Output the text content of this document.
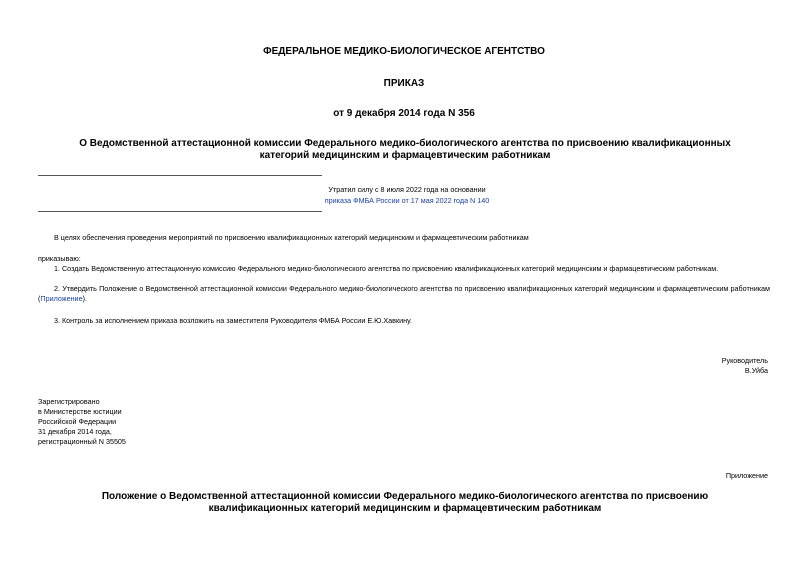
ФЕДЕРАЛЬНОЕ МЕДИКО-БИОЛОГИЧЕСКОЕ АГЕНТСТВО
ПРИКАЗ
от 9 декабря 2014 года N 356
О Ведомственной аттестационной комиссии Федерального медико-биологического агентства по присвоению квалификационных категорий медицинским и фармацевтическим работникам
Утратил силу с 8 июля 2022 года на основании
приказа ФМБА России от 17 мая 2022 года N 140
В целях обеспечения проведения мероприятий по присвоению квалификационных категорий медицинским и фармацевтическим работникам
приказываю:
1. Создать Ведомственную аттестационную комиссию Федерального медико-биологического агентства по присвоению квалификационных категорий медицинским и фармацевтическим работникам.
2. Утвердить Положение о Ведомственной аттестационной комиссии Федерального медико-биологического агентства по присвоению квалификационных категорий медицинским и фармацевтическим работникам (Приложение).
3. Контроль за исполнением приказа возложить на заместителя Руководителя ФМБА России Е.Ю.Хавкину.
Руководитель
В.Уйба
Зарегистрировано
в Министерстве юстиции
Российской Федерации
31 декабря 2014 года,
регистрационный N 35505
Приложение
Положение о Ведомственной аттестационной комиссии Федерального медико-биологического агентства по присвоению квалификационных категорий медицинским и фармацевтическим работникам
